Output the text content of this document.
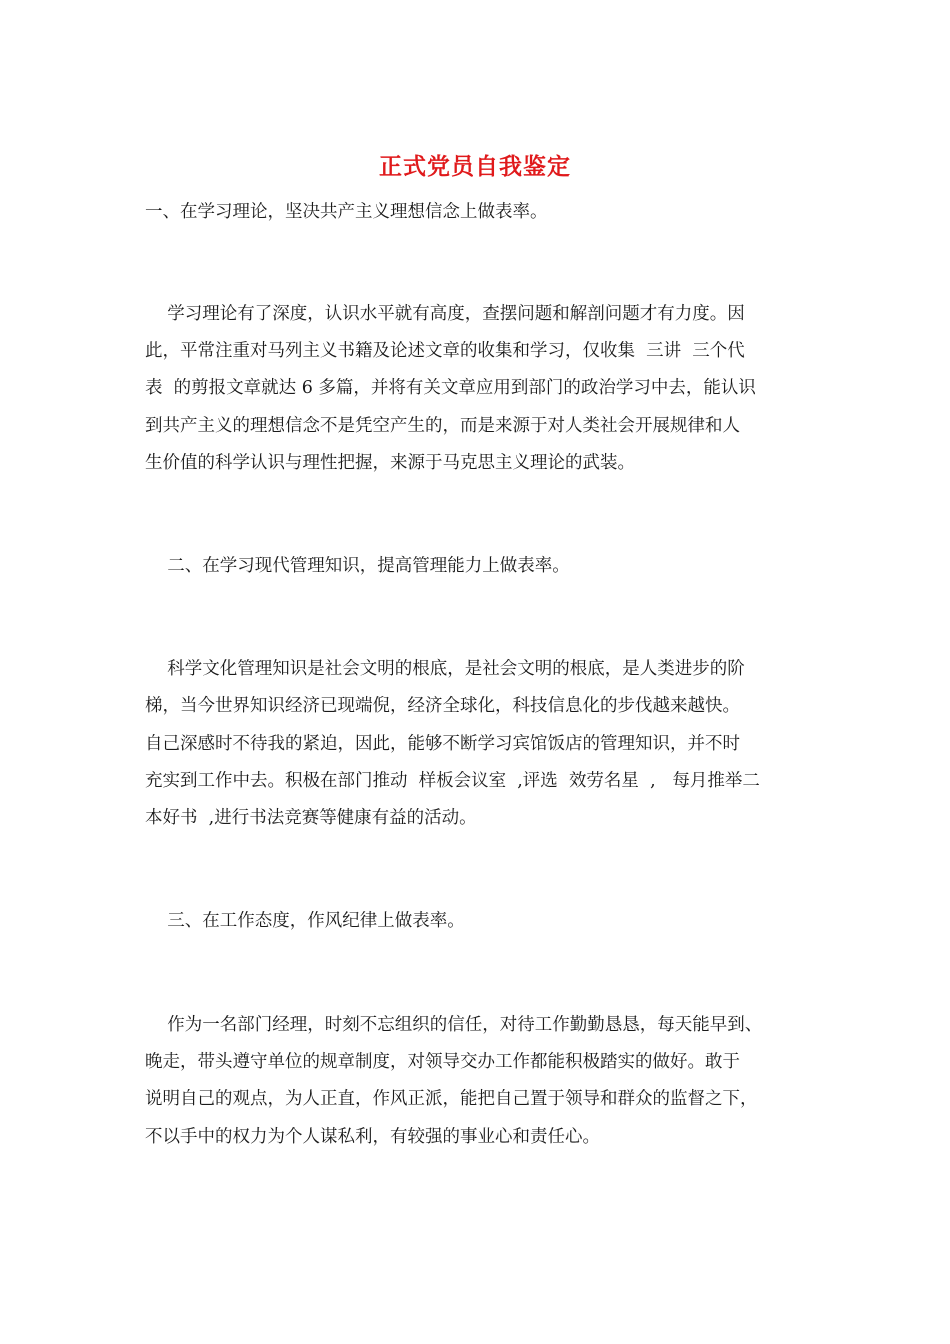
正式党员自我鉴定

一、在学习理论，坚决共产主义理想信念上做表率。

学习理论有了深度，认识水平就有高度，查摆问题和解剖问题才有力度。因

此，平常注重对马列主义书籍及论述文章的收集和学习，仅收集  三讲  三个代

表  的剪报文章就达 6 多篇，并将有关文章应用到部门的政治学习中去，能认识

到共产主义的理想信念不是凭空产生的，而是来源于对人类社会开展规律和人

生价值的科学认识与理性把握，来源于马克思主义理论的武装。

二、在学习现代管理知识，提高管理能力上做表率。

科学文化管理知识是社会文明的根底，是社会文明的根底，是人类进步的阶

梯，当今世界知识经济已现端倪，经济全球化，科技信息化的步伐越来越快。

自己深感时不待我的紧迫，因此，能够不断学习宾馆饭店的管理知识，并不时

充实到工作中去。积极在部门推动  样板会议室  ,评选  效劳名星  ,   每月推举二

本好书  ,进行书法竞赛等健康有益的活动。

三、在工作态度，作风纪律上做表率。

作为一名部门经理，时刻不忘组织的信任，对待工作勤勤恳恳，每天能早到、

晚走，带头遵守单位的规章制度，对领导交办工作都能积极踏实的做好。敢于

说明自己的观点，为人正直，作风正派，能把自己置于领导和群众的监督之下，

不以手中的权力为个人谋私利，有较强的事业心和责任心。
